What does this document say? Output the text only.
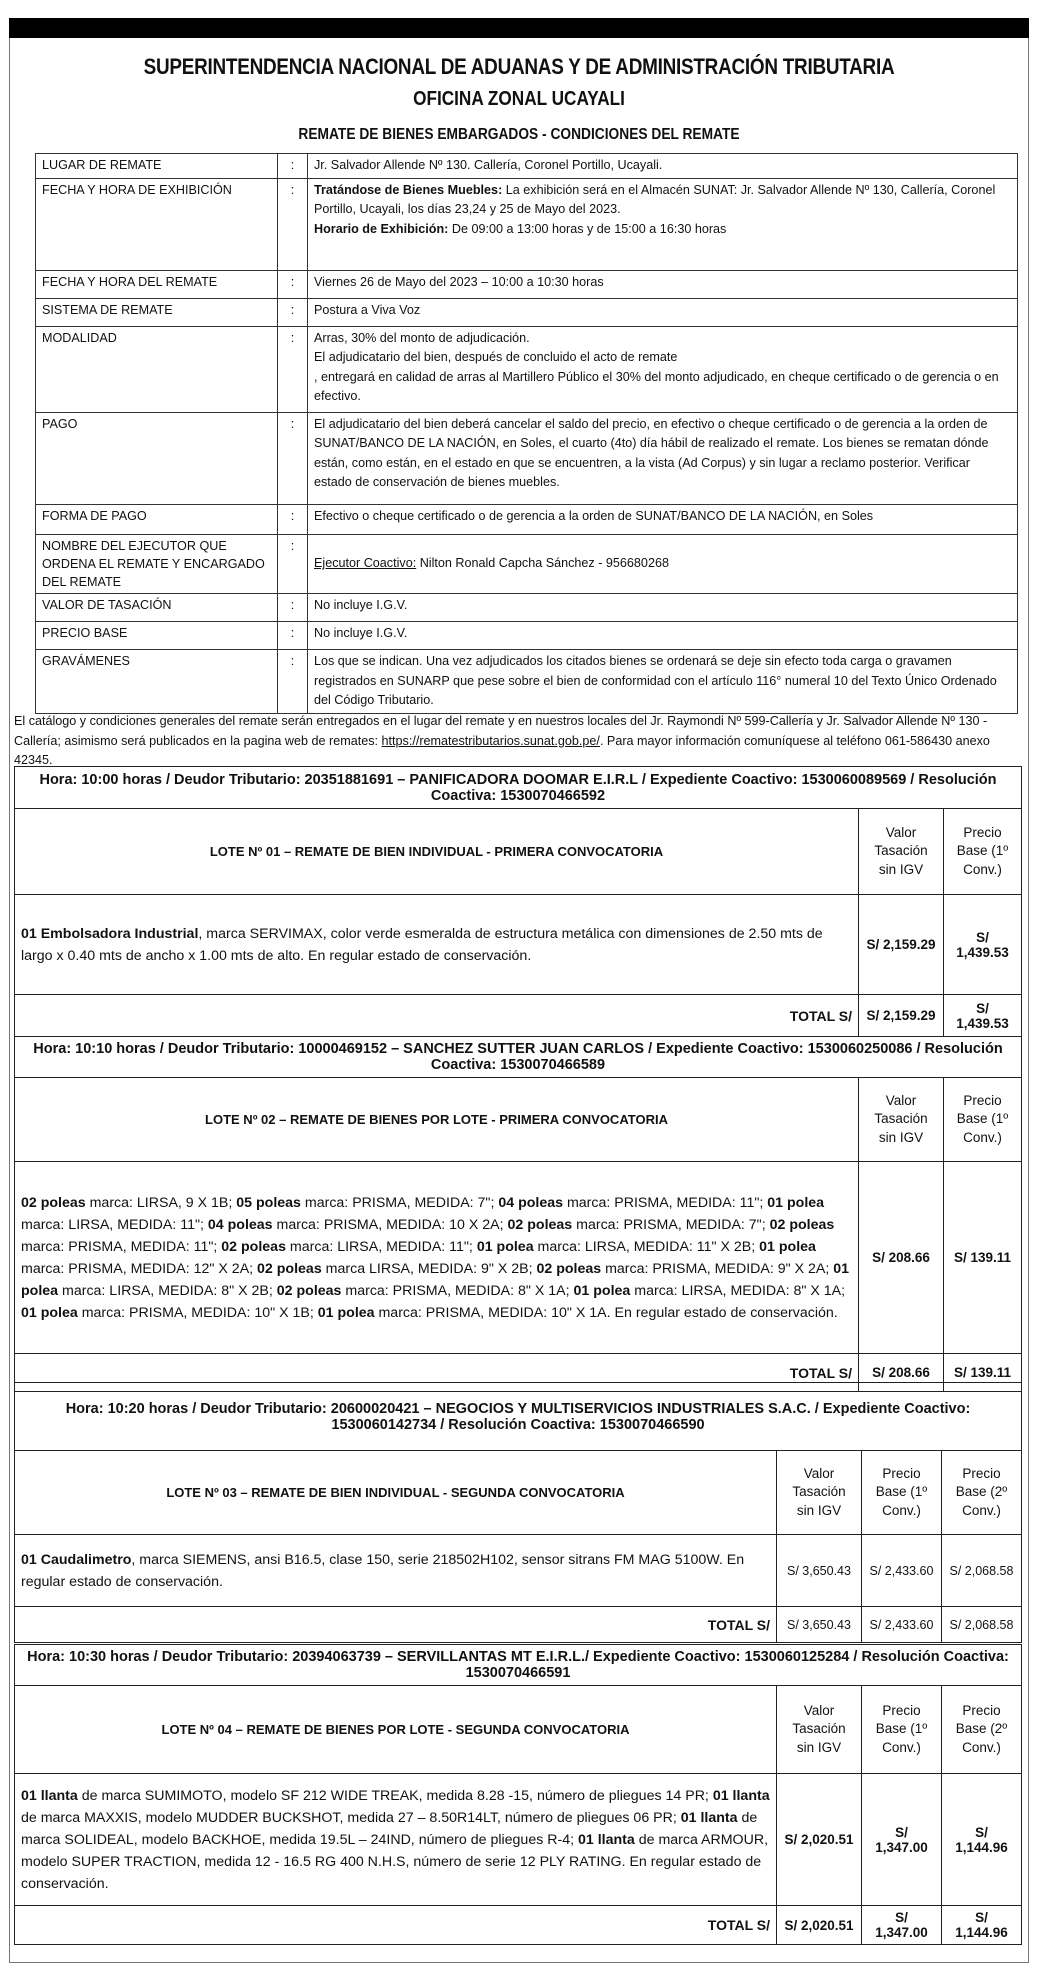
SUPERINTENDENCIA NACIONAL DE ADUANAS Y DE ADMINISTRACIÓN TRIBUTARIA
OFICINA ZONAL UCAYALI
REMATE DE BIENES EMBARGADOS - CONDICIONES DEL REMATE
LUGAR DE REMATE	:	Jr. Salvador Allende Nº 130. Callería, Coronel Portillo, Ucayali.
FECHA Y HORA DE EXHIBICIÓN	:	Tratándose de Bienes Muebles: La exhibición será en el Almacén SUNAT: Jr. Salvador Allende Nº 130, Callería, Coronel Portillo, Ucayali, los días 23,24 y 25 de Mayo del 2023.
Horario de Exhibición: De 09:00 a 13:00 horas y de 15:00 a 16:30 horas
FECHA Y HORA DEL REMATE	:	Viernes 26 de Mayo del 2023 – 10:00 a 10:30 horas
SISTEMA DE REMATE	:	Postura a Viva Voz
MODALIDAD	:	Arras, 30% del monto de adjudicación.
El adjudicatario del bien, después de concluido el acto de remate
, entregará en calidad de arras al Martillero Público el 30% del monto adjudicado, en cheque certificado o de gerencia o en efectivo.
PAGO	:	El adjudicatario del bien deberá cancelar el saldo del precio, en efectivo o cheque certificado o de gerencia a la orden de SUNAT/BANCO DE LA NACIÓN, en Soles, el cuarto (4to) día hábil de realizado el remate. Los bienes se rematan dónde están, como están, en el estado en que se encuentren, a la vista (Ad Corpus) y sin lugar a reclamo posterior. Verificar estado de conservación de bienes muebles.
FORMA DE PAGO	:	Efectivo o cheque certificado o de gerencia a la orden de SUNAT/BANCO DE LA NACIÓN, en Soles
NOMBRE DEL EJECUTOR QUE ORDENA EL REMATE Y ENCARGADO DEL REMATE	:	Ejecutor Coactivo: Nilton Ronald Capcha Sánchez - 956680268
VALOR DE TASACIÓN	:	No incluye I.G.V.
PRECIO BASE	:	No incluye I.G.V.
GRAVÁMENES	:	Los que se indican. Una vez adjudicados los citados bienes se ordenará se deje sin efecto toda carga o gravamen registrados en SUNARP que pese sobre el bien de conformidad con el artículo 116° numeral 10 del Texto Único Ordenado del Código Tributario.
El catálogo y condiciones generales del remate serán entregados en el lugar del remate y en nuestros locales del Jr. Raymondi Nº 599-Callería y Jr. Salvador Allende Nº 130 - Callería; asimismo será publicados en la pagina web de remates: https://rematestributarios.sunat.gob.pe/. Para mayor información comuníquese al teléfono 061-586430 anexo 42345.
Hora: 10:00 horas / Deudor Tributario: 20351881691 – PANIFICADORA DOOMAR E.I.R.L / Expediente Coactivo: 1530060089569 / Resolución Coactiva: 1530070466592		
LOTE Nº 01 – REMATE DE BIEN INDIVIDUAL - PRIMERA CONVOCATORIA	Valor Tasación sin IGV	Precio Base (1º Conv.)
01 Embolsadora Industrial, marca SERVIMAX, color verde esmeralda de estructura metálica con dimensiones de 2.50 mts de largo x 0.40 mts de ancho x 1.00 mts de alto. En regular estado de conservación.	S/ 2,159.29	S/ 1,439.53
TOTAL S/	S/ 2,159.29	S/ 1,439.53
Hora: 10:10 horas / Deudor Tributario: 10000469152 – SANCHEZ SUTTER JUAN CARLOS / Expediente Coactivo: 1530060250086 / Resolución Coactiva: 1530070466589		
LOTE Nº 02 – REMATE DE BIENES POR LOTE - PRIMERA CONVOCATORIA	Valor Tasación sin IGV	Precio Base (1º Conv.)
02 poleas marca: LIRSA, 9 X 1B; 05 poleas marca: PRISMA, MEDIDA: 7"; 04 poleas marca: PRISMA, MEDIDA: 11"; 01 polea marca: LIRSA, MEDIDA: 11"; 04 poleas marca: PRISMA, MEDIDA: 10 X 2A; 02 poleas marca: PRISMA, MEDIDA: 7"; 02 poleas marca: PRISMA, MEDIDA: 11"; 02 poleas marca: LIRSA, MEDIDA: 11"; 01 polea marca: LIRSA, MEDIDA: 11" X 2B; 01 polea marca: PRISMA, MEDIDA: 12" X 2A; 02 poleas marca LIRSA, MEDIDA: 9" X 2B; 02 poleas marca: PRISMA, MEDIDA: 9" X 2A; 01 polea marca: LIRSA, MEDIDA: 8" X 2B; 02 poleas marca: PRISMA, MEDIDA: 8" X 1A; 01 polea marca: LIRSA, MEDIDA: 8" X 1A; 01 polea marca: PRISMA, MEDIDA: 10" X 1B; 01 polea marca: PRISMA, MEDIDA: 10" X 1A. En regular estado de conservación.	S/ 208.66	S/ 139.11
TOTAL S/	S/ 208.66	S/ 139.11
Hora: 10:20 horas / Deudor Tributario: 20600020421 – NEGOCIOS Y MULTISERVICIOS INDUSTRIALES S.A.C. / Expediente Coactivo: 1530060142734 / Resolución Coactiva: 1530070466590			
LOTE Nº 03 – REMATE DE BIEN INDIVIDUAL - SEGUNDA CONVOCATORIA	Valor Tasación sin IGV	Precio Base (1º Conv.)	Precio Base (2º Conv.)
01 Caudalimetro, marca SIEMENS, ansi B16.5, clase 150, serie 218502H102, sensor sitrans FM MAG 5100W. En regular estado de conservación.	S/ 3,650.43	S/ 2,433.60	S/ 2,068.58
TOTAL S/	S/ 3,650.43	S/ 2,433.60	S/ 2,068.58
Hora: 10:30 horas / Deudor Tributario: 20394063739 – SERVILLANTAS MT E.I.R.L./ Expediente Coactivo: 1530060125284 / Resolución Coactiva: 1530070466591			
LOTE Nº 04 – REMATE DE BIENES POR LOTE - SEGUNDA CONVOCATORIA	Valor Tasación sin IGV	Precio Base (1º Conv.)	Precio Base (2º Conv.)
01 llanta de marca SUMIMOTO, modelo SF 212 WIDE TREAK, medida 8.28 -15, número de pliegues 14 PR; 01 llanta de marca MAXXIS, modelo MUDDER BUCKSHOT, medida 27 – 8.50R14LT, número de pliegues 06 PR; 01 llanta de marca SOLIDEAL, modelo BACKHOE, medida 19.5L – 24IND, número de pliegues R-4; 01 llanta de marca ARMOUR, modelo SUPER TRACTION, medida 12 - 16.5 RG 400 N.H.S, número de serie 12 PLY RATING. En regular estado de conservación.	S/ 2,020.51	S/ 1,347.00	S/ 1,144.96
TOTAL S/	S/ 2,020.51	S/ 1,347.00	S/ 1,144.96
